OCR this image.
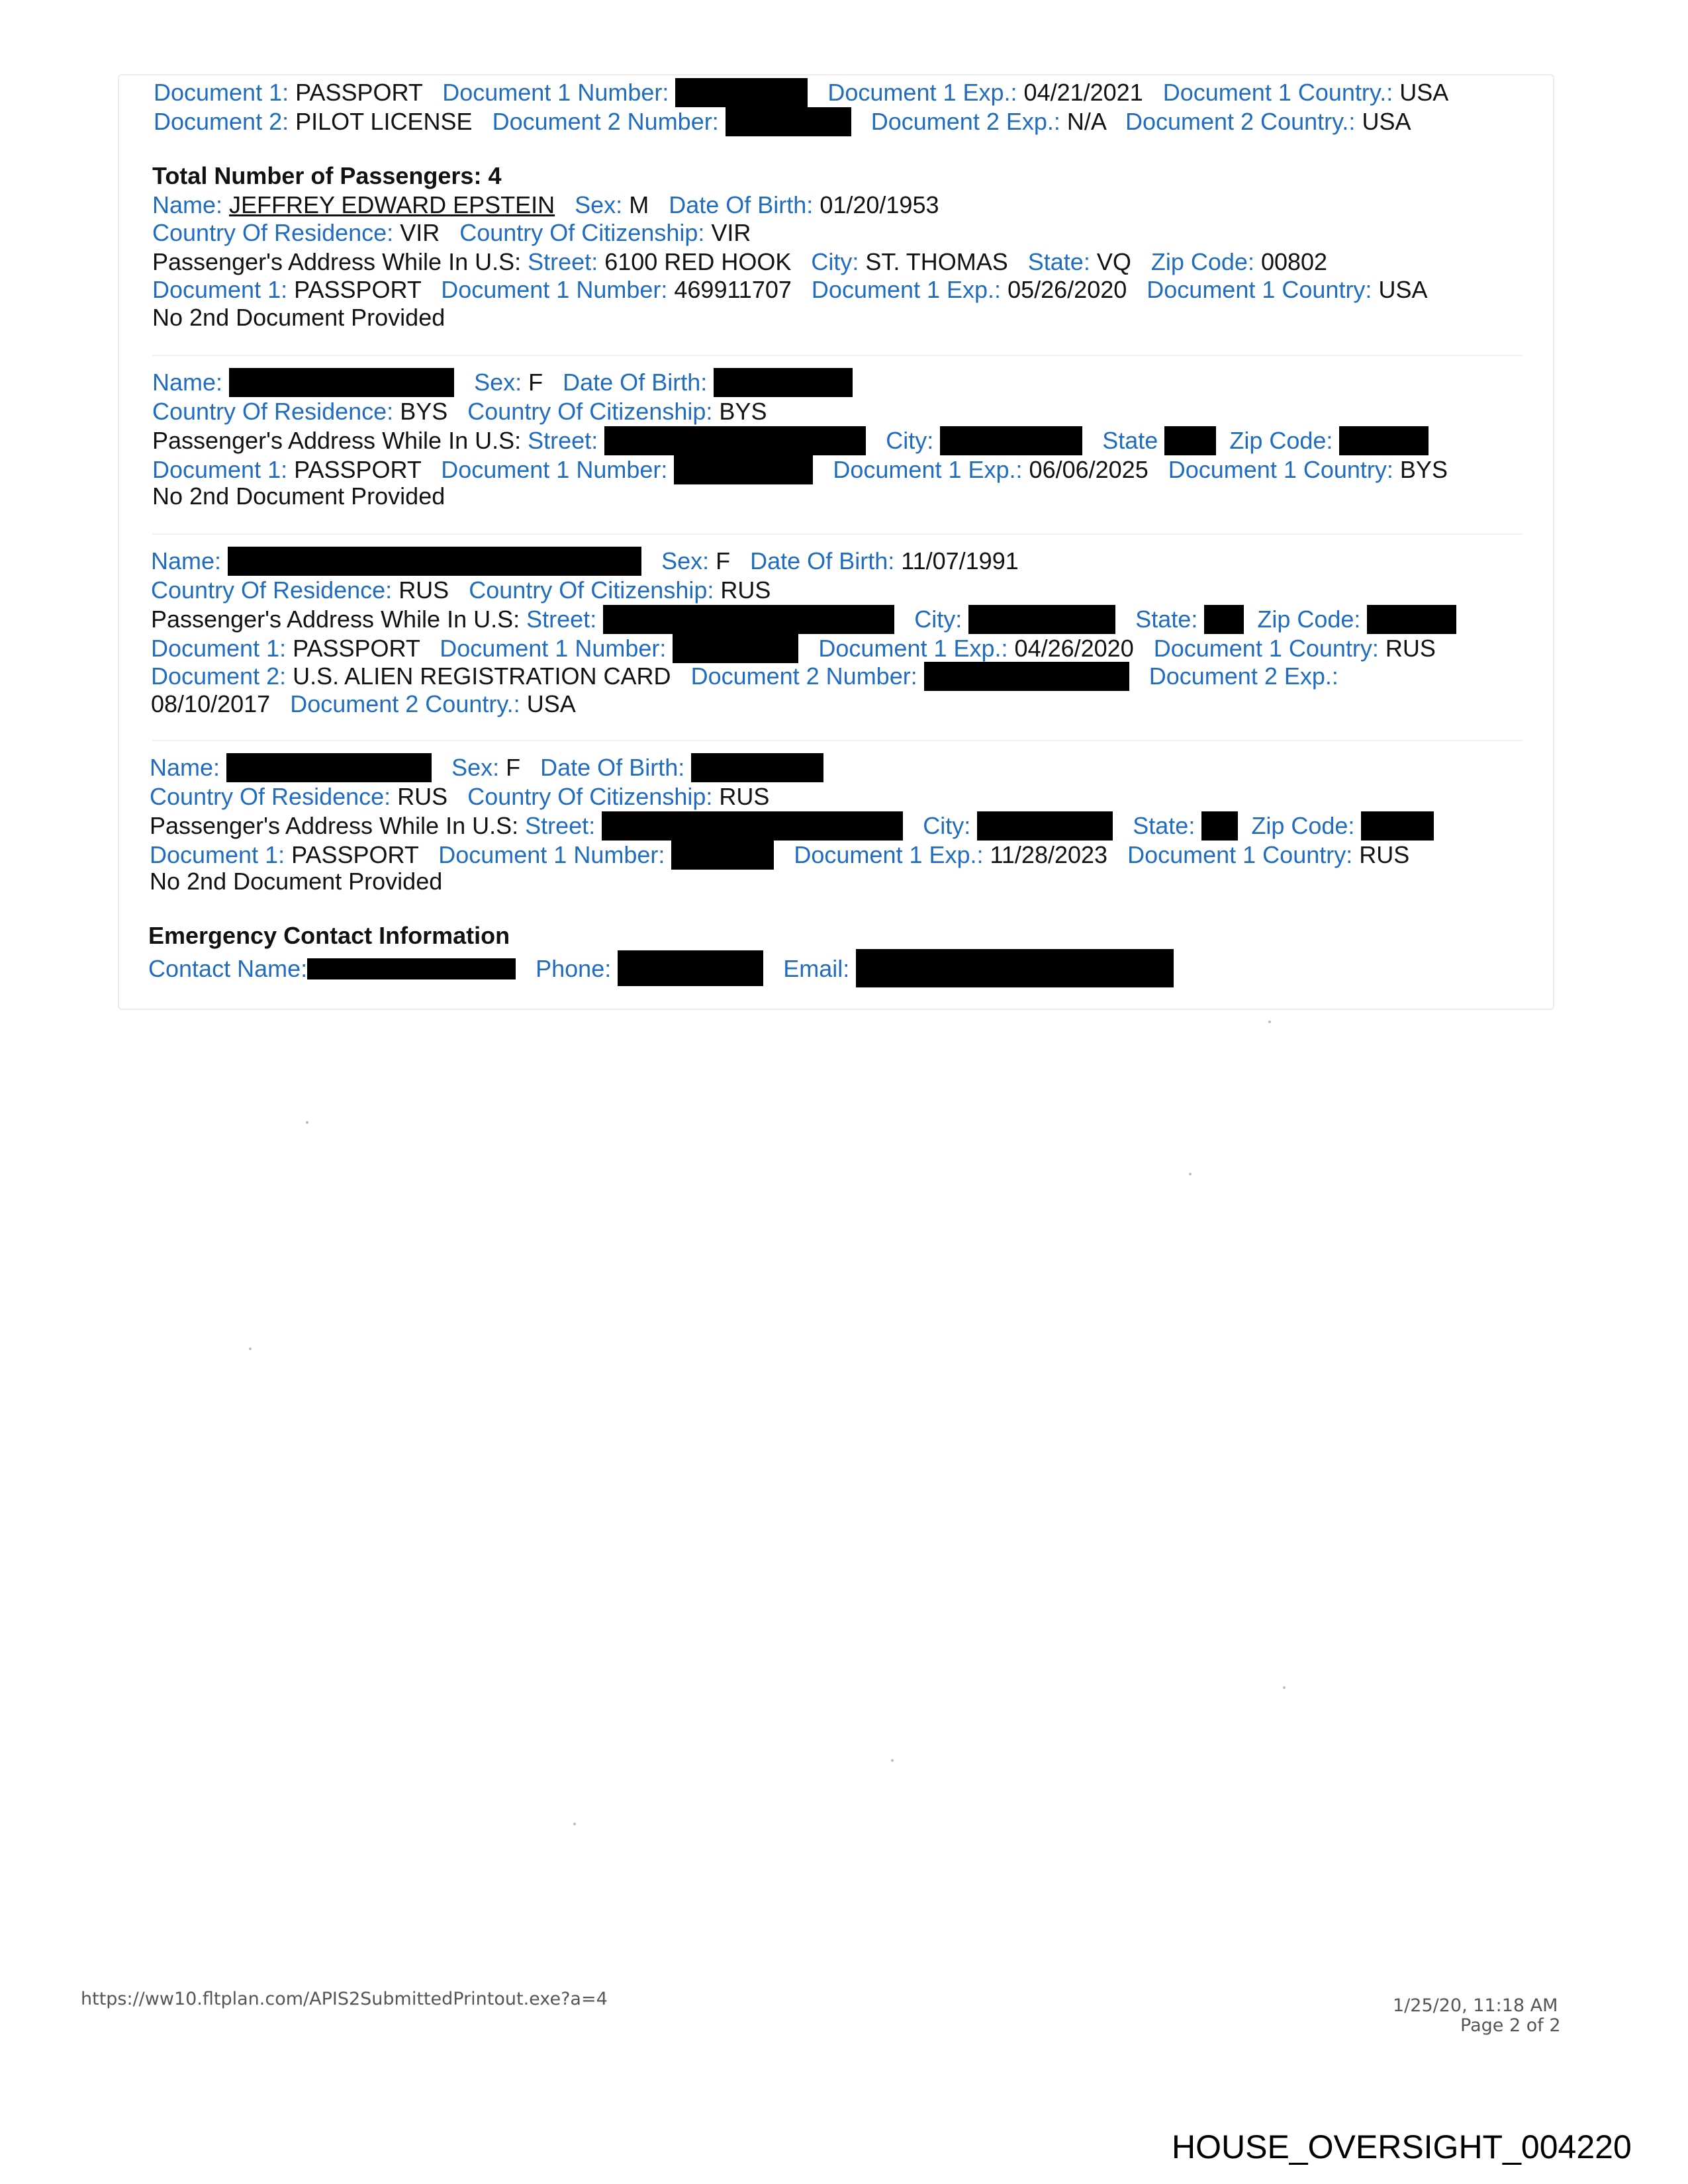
Document 1: PASSPORT Document 1 Number:	Document 1 Exp.: 04/21/2021 Document 1 Country.: USA
Document 2: PILOT LICENSE Document 2 Number:	Document 2 Exp.: N/A Document 2 Country.: USA
Total Number of Passengers: 4
Name: JEFFREY EDWARD EPSTEIN Sex: M Date Of Birth: 01/20/1953
Country Of Residence: VIR Country Of Citizenship: VIR
Passenger's Address While In U.S: Street: 6100 RED HOOK City: ST. THOMAS State: VQ Zip Code: 00802
Document 1: PASSPORT Document 1 Number: 469911707 Document 1 Exp.: 05/26/2020 Document 1 Country: USA
No 2nd Document Provided
Name:	Sex: F Date Of Birth:
Country Of Residence: BYS Country Of Citizenship: BYS
Passenger's Address While In U.S: Street:	City:	State	Zip Code:
Document 1: PASSPORT Document 1 Number:	Document 1 Exp.: 06/06/2025 Document 1 Country: BYS
No 2nd Document Provided
Name:	Sex: F Date Of Birth: 11/07/1991
Country Of Residence: RUS Country Of Citizenship: RUS
Passenger's Address While In U.S: Street:	City:	State:	Zip Code:
Document 1: PASSPORT Document 1 Number:	Document 1 Exp.: 04/26/2020 Document 1 Country: RUS
Document 2: U.S. ALIEN REGISTRATION CARD Document 2 Number:	Document 2 Exp.:
08/10/2017 Document 2 Country.: USA
Name:	Sex: F Date Of Birth:
Country Of Residence: RUS Country Of Citizenship: RUS
Passenger's Address While In U.S: Street:	City:	State: Zip Code:
Document 1: PASSPORT Document 1 Number:	Document 1 Exp.: 11/28/2023 Document 1 Country: RUS
No 2nd Document Provided
Emergency Contact Information
Contact Name:	Phone:	Email:
https://ww10.fltplan.com/APIS2SubmittedPrintout.exe?a=4	1/25/20, 11:18 AM
Page 2 of 2
HOUSE_OVERSIGHT_004220
